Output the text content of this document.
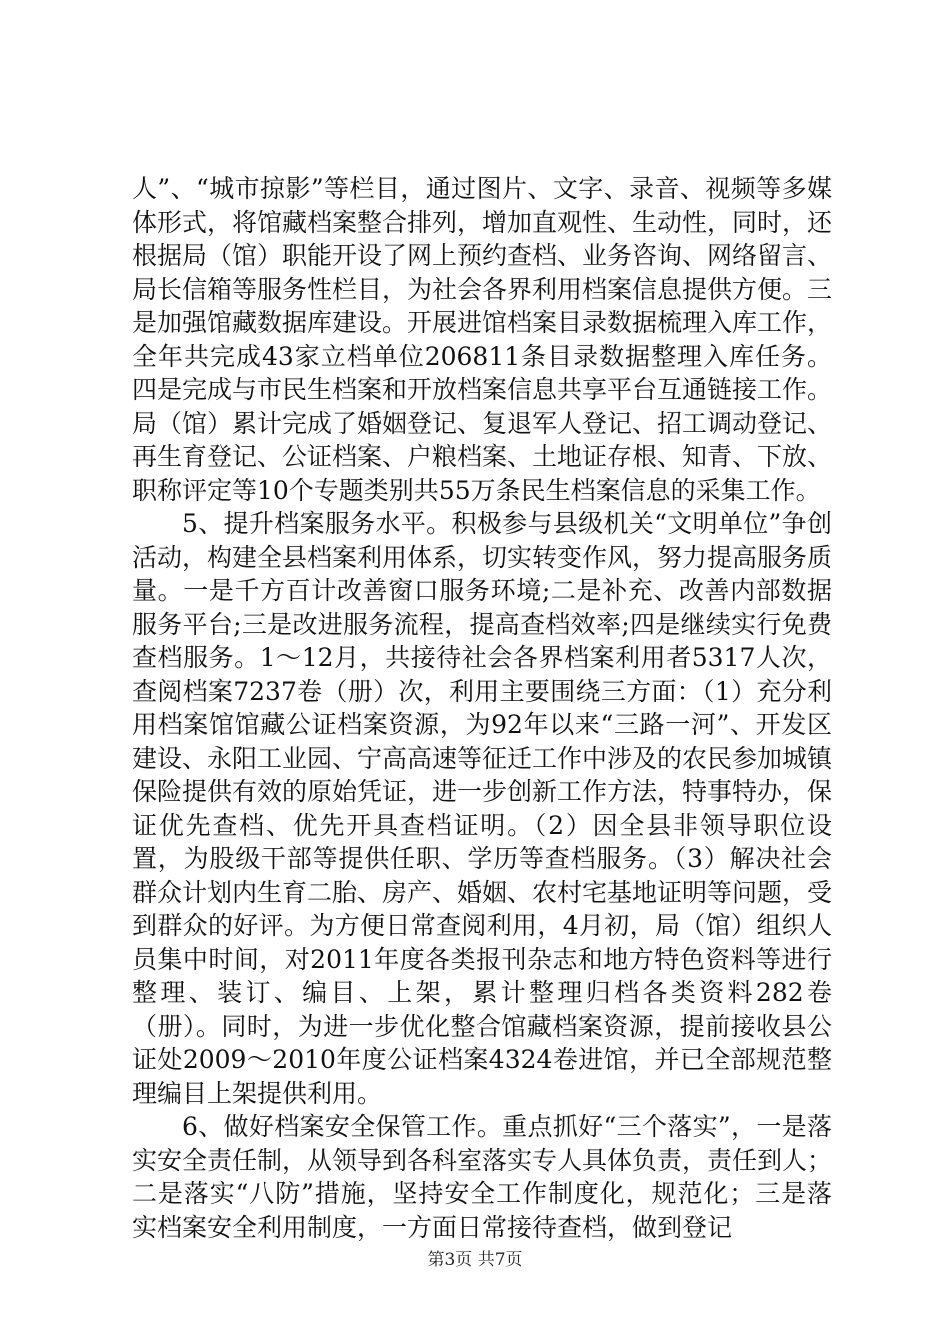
人”、“城市掠影”等栏目，通过图片、文字、录音、视频等多媒体形式，将馆藏档案整合排列，增加直观性、生动性，同时，还根据局（馆）职能开设了网上预约查档、业务咨询、网络留言、局长信箱等服务性栏目，为社会各界利用档案信息提供方便。三是加强馆藏数据库建设。开展进馆档案目录数据梳理入库工作，全年共完成43家立档单位206811条目录数据整理入库任务。四是完成与市民生档案和开放档案信息共享平台互通链接工作。局（馆）累计完成了婚姻登记、复退军人登记、招工调动登记、再生育登记、公证档案、户粮档案、土地证存根、知青、下放、职称评定等10个专题类别共55万条民生档案信息的采集工作。

5、提升档案服务水平。积极参与县级机关“文明单位”争创活动，构建全县档案利用体系，切实转变作风，努力提高服务质量。一是千方百计改善窗口服务环境;二是补充、改善内部数据服务平台;三是改进服务流程，提高查档效率;四是继续实行免费查档服务。1～12月，共接待社会各界档案利用者5317人次，查阅档案7237卷（册）次，利用主要围绕三方面：（1）充分利用档案馆馆藏公证档案资源，为92年以来“三路一河”、开发区建设、永阳工业园、宁高高速等征迁工作中涉及的农民参加城镇保险提供有效的原始凭证，进一步创新工作方法，特事特办，保证优先查档、优先开具查档证明。（2）因全县非领导职位设置，为股级干部等提供任职、学历等查档服务。（3）解决社会群众计划内生育二胎、房产、婚姻、农村宅基地证明等问题，受到群众的好评。为方便日常查阅利用，4月初，局（馆）组织人员集中时间，对2011年度各类报刊杂志和地方特色资料等进行整理、装订、编目、上架，累计整理归档各类资料282卷（册）。同时，为进一步优化整合馆藏档案资源，提前接收县公证处2009～2010年度公证档案4324卷进馆，并已全部规范整理编目上架提供利用。

6、做好档案安全保管工作。重点抓好“三个落实”，一是落实安全责任制，从领导到各科室落实专人具体负责，责任到人；二是落实“八防”措施，坚持安全工作制度化，规范化；三是落实档案安全利用制度，一方面日常接待查档，做到登记

第3页 共7页
